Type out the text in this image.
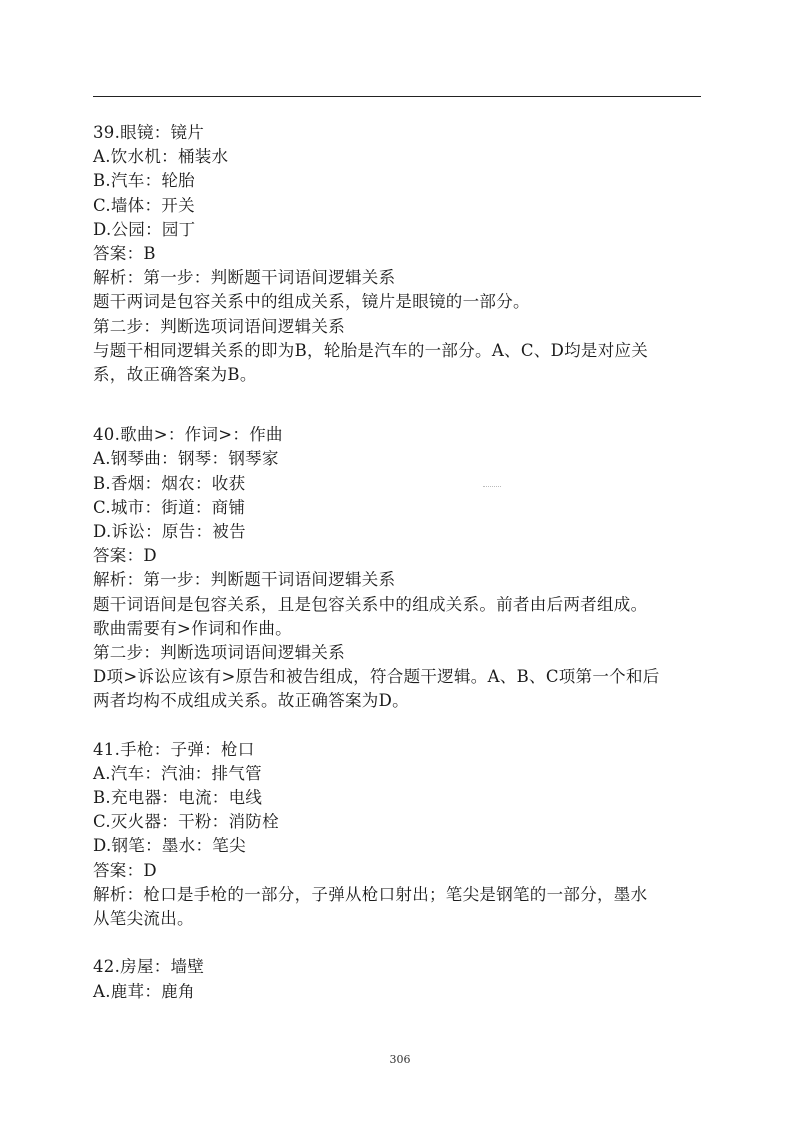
39.眼镜：镜片
A.饮水机：桶装水
B.汽车：轮胎
C.墙体：开关
D.公园：园丁
答案：B
解析：第一步：判断题干词语间逻辑关系
题干两词是包容关系中的组成关系，镜片是眼镜的一部分。
第二步：判断选项词语间逻辑关系
与题干相同逻辑关系的即为B，轮胎是汽车的一部分。A、C、D均是对应关
系，故正确答案为B。
40.歌曲>：作词>：作曲
A.钢琴曲：钢琴：钢琴家
B.香烟：烟农：收获
C.城市：街道：商铺
D.诉讼：原告：被告
答案：D
解析：第一步：判断题干词语间逻辑关系
题干词语间是包容关系，且是包容关系中的组成关系。前者由后两者组成。
歌曲需要有>作词和作曲。
第二步：判断选项词语间逻辑关系
D项>诉讼应该有>原告和被告组成，符合题干逻辑。A、B、C项第一个和后
两者均构不成组成关系。故正确答案为D。
41.手枪：子弹：枪口
A.汽车：汽油：排气管
B.充电器：电流：电线
C.灭火器：干粉：消防栓
D.钢笔：墨水：笔尖
答案：D
解析：枪口是手枪的一部分，子弹从枪口射出；笔尖是钢笔的一部分，墨水
从笔尖流出。
42.房屋：墙壁
A.鹿茸：鹿角
306
